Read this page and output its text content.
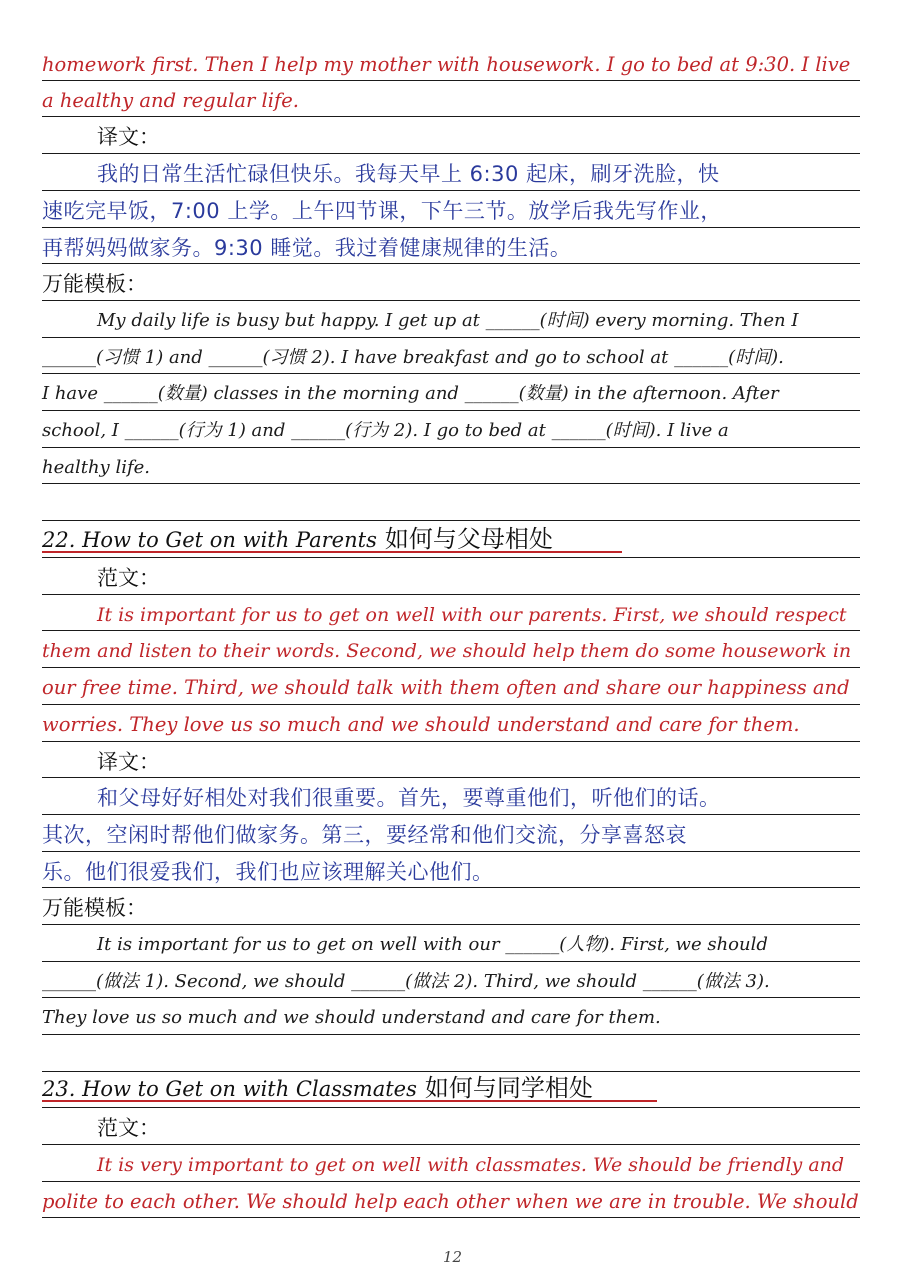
homework first. Then I help my mother with housework. I go to bed at 9:30. I live
a healthy and regular life.
译文：
我的日常生活忙碌但快乐。我每天早上 6:30 起床，刷牙洗脸，快
速吃完早饭，7:00 上学。上午四节课，下午三节。放学后我先写作业，
再帮妈妈做家务。9:30 睡觉。我过着健康规律的生活。
万能模板：
My daily life is busy but happy. I get up at ______(时间) every morning. Then I
______(习惯 1) and ______(习惯 2). I have breakfast and go to school at ______(时间).
I have ______(数量) classes in the morning and ______(数量) in the afternoon. After
school, I ______(行为 1) and ______(行为 2). I go to bed at ______(时间). I live a
healthy life.
22. How to Get on with Parents 如何与父母相处
范文：
It is important for us to get on well with our parents. First, we should respect
them and listen to their words. Second, we should help them do some housework in
our free time. Third, we should talk with them often and share our happiness and
worries. They love us so much and we should understand and care for them.
译文：
和父母好好相处对我们很重要。首先，要尊重他们，听他们的话。
其次，空闲时帮他们做家务。第三，要经常和他们交流，分享喜怒哀
乐。他们很爱我们，我们也应该理解关心他们。
万能模板：
It is important for us to get on well with our ______(人物). First, we should
______(做法 1). Second, we should ______(做法 2). Third, we should ______(做法 3).
They love us so much and we should understand and care for them.
23. How to Get on with Classmates 如何与同学相处
范文：
It is very important to get on well with classmates. We should be friendly and
polite to each other. We should help each other when we are in trouble. We should
12
